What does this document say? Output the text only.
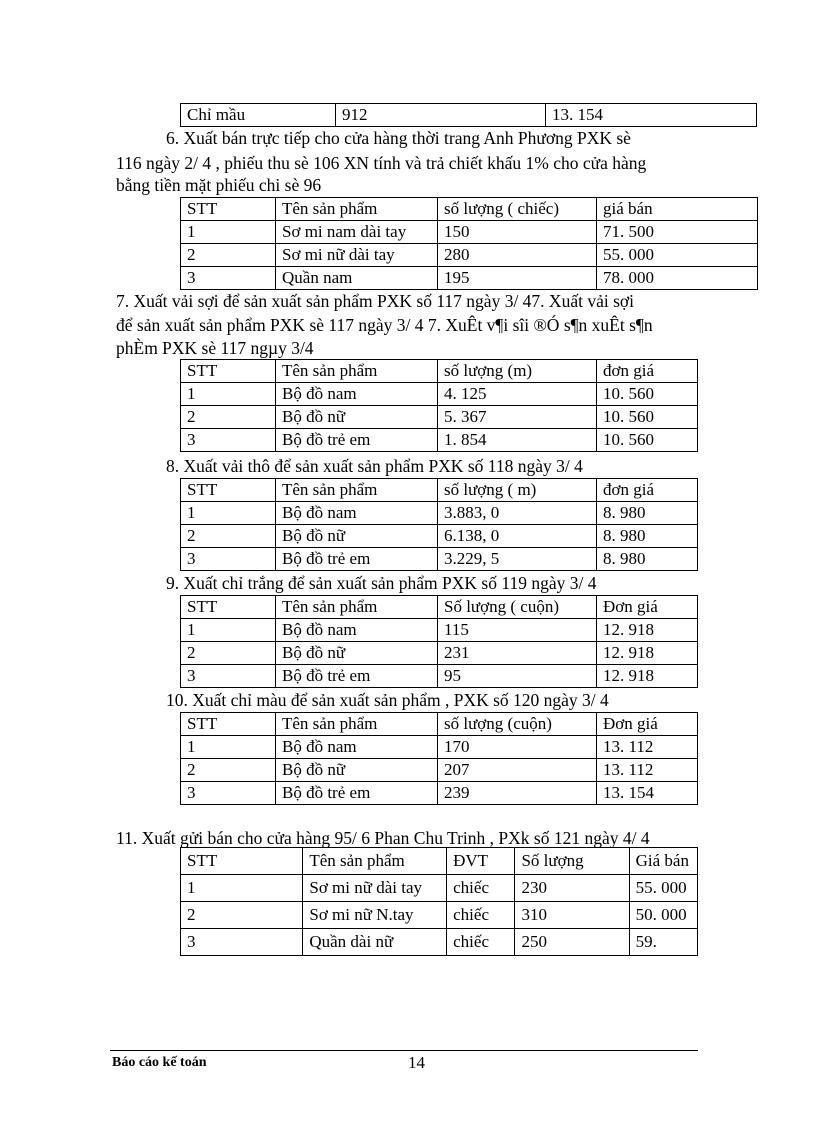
Chỉ mầu	912	13. 154
6. Xuất bán trực tiếp cho cửa hàng thời trang Anh Phương PXK sè
116 ngày 2/ 4 , phiếu thu sè 106 XN tính và trả chiết khấu 1% cho cửa hàng
bằng tiền mặt phiếu chi sè 96
STT	Tên sản phẩm	số lượng ( chiếc)	giá bán
1	Sơ mi nam dài tay	150	71. 500
2	Sơ mi nữ dài tay	280	55. 000
3	Quần nam	195	78. 000
7. Xuất vải sợi để sản xuất sản phẩm PXK số 117 ngày 3/ 47. Xuất vải sợi
để sản xuất sản phẩm PXK sè 117 ngày 3/ 4 7. XuÊt v¶i sîi ®Ó s¶n xuÊt s¶n
phÈm PXK sè 117 ngµy 3/4
STT	Tên sản phẩm	số lượng (m)	đơn giá
1	Bộ đồ nam	4. 125	10. 560
2	Bộ đồ nữ	5. 367	10. 560
3	Bộ đồ trẻ em	1. 854	10. 560
8. Xuất vải thô để sản xuất sản phẩm PXK số 118 ngày 3/ 4
STT	Tên sản phẩm	số lượng ( m)	đơn giá
1	Bộ đồ nam	3.883, 0	8. 980
2	Bộ đồ nữ	6.138, 0	8. 980
3	Bộ đồ trẻ em	3.229, 5	8. 980
9. Xuất chỉ trắng để sản xuất sản phẩm PXK số 119 ngày 3/ 4
STT	Tên sản phẩm	Số lượng ( cuộn)	Đơn giá
1	Bộ đồ nam	115	12. 918
2	Bộ đồ nữ	231	12. 918
3	Bộ đồ trẻ em	95	12. 918
10. Xuất chỉ màu để sản xuất sản phẩm , PXK số 120 ngày 3/ 4
STT	Tên sản phẩm	số lượng (cuộn)	Đơn giá
1	Bộ đồ nam	170	13. 112
2	Bộ đồ nữ	207	13. 112
3	Bộ đồ trẻ em	239	13. 154
11. Xuất gửi bán cho cửa hàng 95/ 6 Phan Chu Trinh , PXk số 121 ngày 4/ 4
STT	Tên sản phẩm	ĐVT	Số lượng	Giá bán
1	Sơ mi nữ dài tay	chiếc	230	55. 000
2	Sơ mi nữ N.tay	chiếc	310	50. 000
3	Quần dài nữ	chiếc	250	59.
Báo cáo kế toán	14
